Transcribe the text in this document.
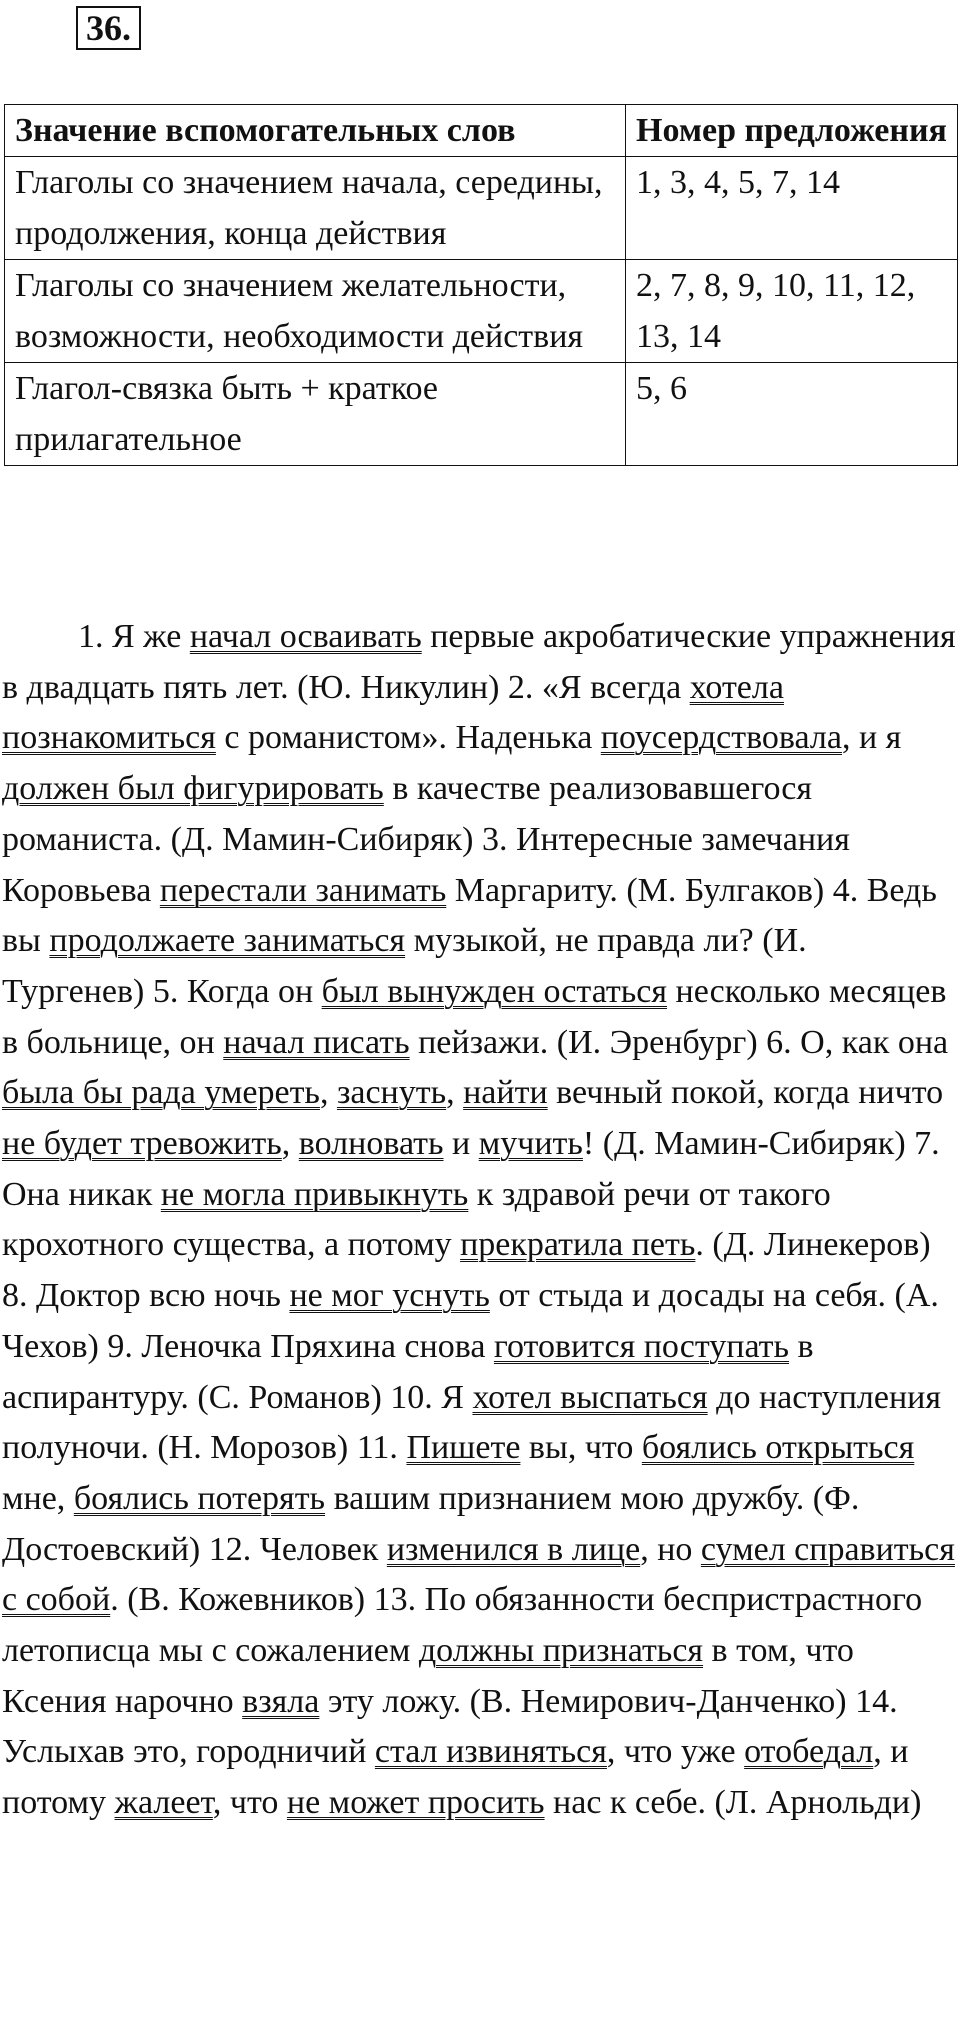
36.
Значение вспомогательных слов	Номер предложения
Глаголы со значением начала, середины, продолжения, конца действия	1, 3, 4, 5, 7, 14
Глаголы со значением желательности, возможности, необходимости действия	2, 7, 8, 9, 10, 11, 12, 13, 14
Глагол-связка быть + краткое прилагательное	5, 6

1. Я же начал осваивать первые акробатические упражнения в двадцать пять лет. (Ю. Никулин) 2. «Я всегда хотела познакомиться с романистом». Наденька поусердствовала, и я должен был фигурировать в качестве реализовавшегося романиста. (Д. Мамин-Сибиряк) 3. Интересные замечания Коровьева перестали занимать Маргариту. (М. Булгаков) 4. Ведь вы продолжаете заниматься музыкой, не правда ли? (И. Тургенев) 5. Когда он был вынужден остаться несколько месяцев в больнице, он начал писать пейзажи. (И. Эренбург) 6. О, как она была бы рада умереть, заснуть, найти вечный покой, когда ничто не будет тревожить, волновать и мучить! (Д. Мамин-Сибиряк) 7. Она никак не могла привыкнуть к здравой речи от такого крохотного существа, а потому прекратила петь. (Д. Линекеров) 8. Доктор всю ночь не мог уснуть от стыда и досады на себя. (А. Чехов) 9. Леночка Пряхина снова готовится поступать в аспирантуру. (С. Романов) 10. Я хотел выспаться до наступления полуночи. (Н. Морозов) 11. Пишете вы, что боялись открыться мне, боялись потерять вашим признанием мою дружбу. (Ф. Достоевский) 12. Человек изменился в лице, но сумел справиться с собой. (В. Кожевников) 13. По обязанности беспристрастного летописца мы с сожалением должны признаться в том, что Ксения нарочно взяла эту ложу. (В. Немирович-Данченко) 14. Услыхав это, городничий стал извиняться, что уже отобедал, и потому жалеет, что не может просить нас к себе. (Л. Арнольди)
